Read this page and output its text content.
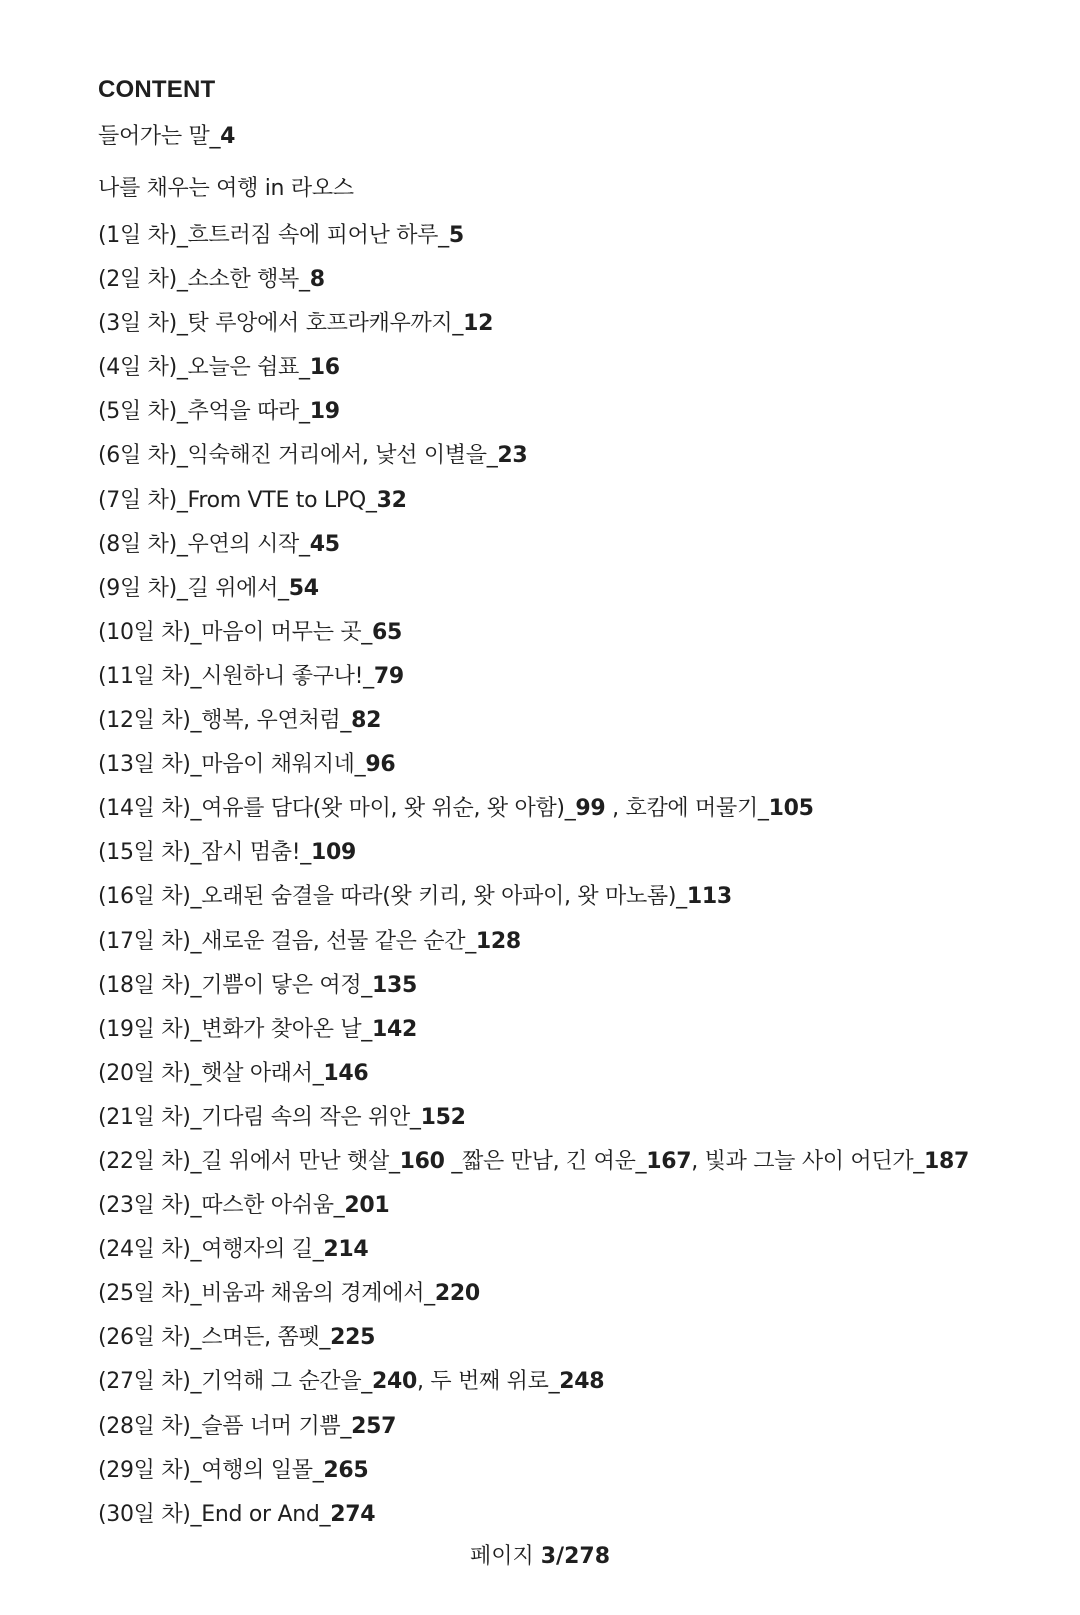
CONTENT
들어가는 말_4
나를 채우는 여행 in 라오스
(1일 차)_흐트러짐 속에 피어난 하루_5
(2일 차)_소소한 행복_8
(3일 차)_탓 루앙에서 호프라캐우까지_12
(4일 차)_오늘은 쉼표_16
(5일 차)_추억을 따라_19
(6일 차)_익숙해진 거리에서, 낯선 이별을_23
(7일 차)_From VTE to LPQ_32
(8일 차)_우연의 시작_45
(9일 차)_길 위에서_54
(10일 차)_마음이 머무는 곳_65
(11일 차)_시원하니 좋구나!_79
(12일 차)_행복, 우연처럼_82
(13일 차)_마음이 채워지네_96
(14일 차)_여유를 담다(왓 마이, 왓 위순, 왓 아함)_99 , 호캄에 머물기_105
(15일 차)_잠시 멈춤!_109
(16일 차)_오래된 숨결을 따라(왓 키리, 왓 아파이, 왓 마노롬)_113
(17일 차)_새로운 걸음, 선물 같은 순간_128
(18일 차)_기쁨이 닿은 여정_135
(19일 차)_변화가 찾아온 날_142
(20일 차)_햇살 아래서_146
(21일 차)_기다림 속의 작은 위안_152
(22일 차)_길 위에서 만난 햇살_160 _짧은 만남, 긴 여운_167, 빛과 그늘 사이 어딘가_187
(23일 차)_따스한 아쉬움_201
(24일 차)_여행자의 길_214
(25일 차)_비움과 채움의 경계에서_220
(26일 차)_스며든, 쫌펫_225
(27일 차)_기억해 그 순간을_240, 두 번째 위로_248
(28일 차)_슬픔 너머 기쁨_257
(29일 차)_여행의 일몰_265
(30일 차)_End or And_274
페이지 3/278
